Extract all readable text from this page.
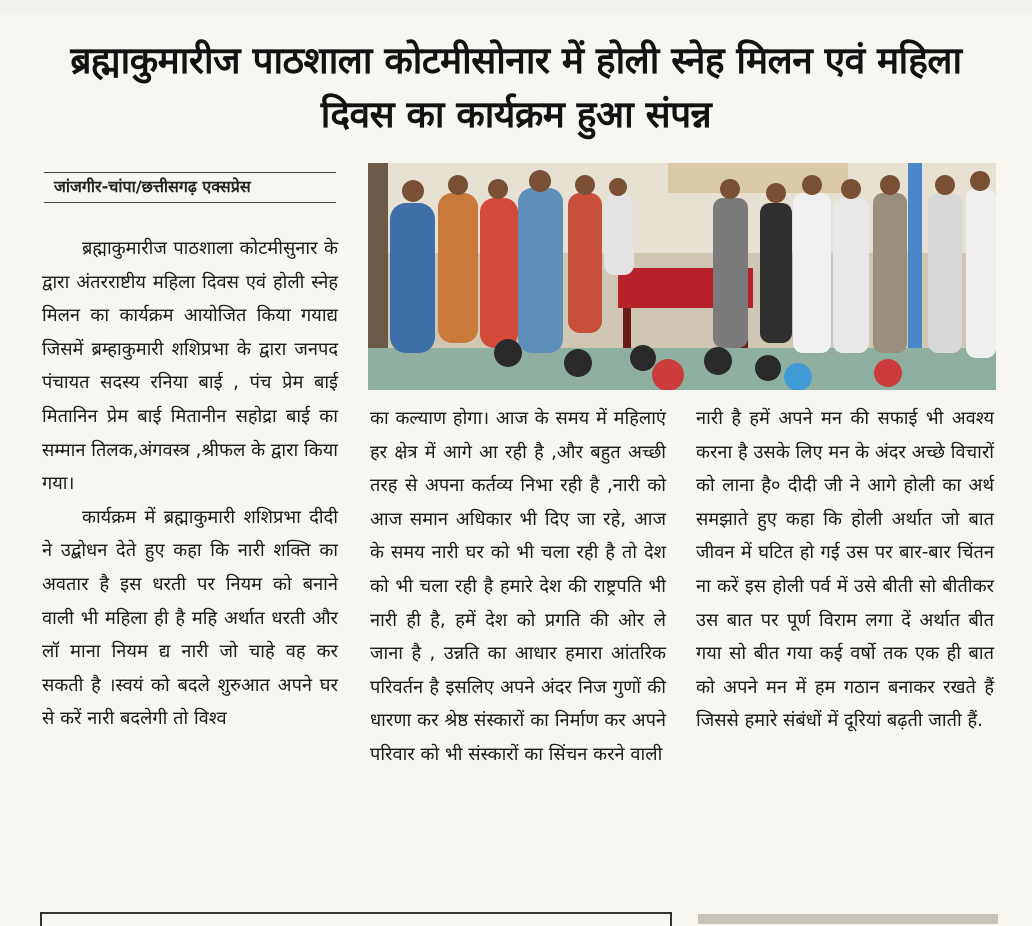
ब्रह्माकुमारीज पाठशाला कोटमीसोनार में होली स्नेह मिलन एवं महिला दिवस का कार्यक्रम हुआ संपन्न
जांजगीर-चांपा/छत्तीसगढ़ एक्सप्रेस

ब्रह्माकुमारीज पाठशाला कोटमीसुनार के द्वारा अंतरराष्टीय महिला दिवस एवं होली स्नेह मिलन का कार्यक्रम आयोजित किया गयाद्य जिसमें ब्रम्हाकुमारी शशिप्रभा के द्वारा जनपद पंचायत सदस्य रनिया बाई , पंच प्रेम बाई मितानिन प्रेम बाई मितानीन सहोद्रा बाई का सम्मान तिलक,अंगवस्त्र ,श्रीफल के द्वारा किया गया।

कार्यक्रम में ब्रह्माकुमारी शशिप्रभा दीदी ने उद्बोधन देते हुए कहा कि नारी शक्ति का अवतार है इस धरती पर नियम को बनाने वाली भी महिला ही है महि अर्थात धरती और लॉ माना नियम द्य नारी जो चाहे वह कर सकती है ।स्वयं को बदले शुरुआत अपने घर से करें नारी बदलेगी तो विश्व

का कल्याण होगा। आज के समय में महिलाएं हर क्षेत्र में आगे आ रही है ,और बहुत अच्छी तरह से अपना कर्तव्य निभा रही है ,नारी को आज समान अधिकार भी दिए जा रहे, आज के समय नारी घर को भी चला रही है तो देश को भी चला रही है हमारे देश की राष्ट्रपति भी नारी ही है, हमें देश को प्रगति की ओर ले जाना है , उन्नति का आधार हमारा आंतरिक परिवर्तन है इसलिए अपने अंदर निज गुणों की धारणा कर श्रेष्ठ संस्कारों का निर्माण कर अपने परिवार को भी संस्कारों का सिंचन करने वाली

नारी है हमें अपने मन की सफाई भी अवश्य करना है उसके लिए मन के अंदर अच्छे विचारों को लाना है० दीदी जी ने आगे होली का अर्थ समझाते हुए कहा कि होली अर्थात जो बात जीवन में घटित हो गई उस पर बार-बार चिंतन ना करें इस होली पर्व में उसे बीती सो बीतीकर उस बात पर पूर्ण विराम लगा दें अर्थात बीत गया सो बीत गया कई वर्षो तक एक ही बात को अपने मन में हम गठान बनाकर रखते हैं जिससे हमारे संबंधों में दूरियां बढ़ती जाती हैं.
